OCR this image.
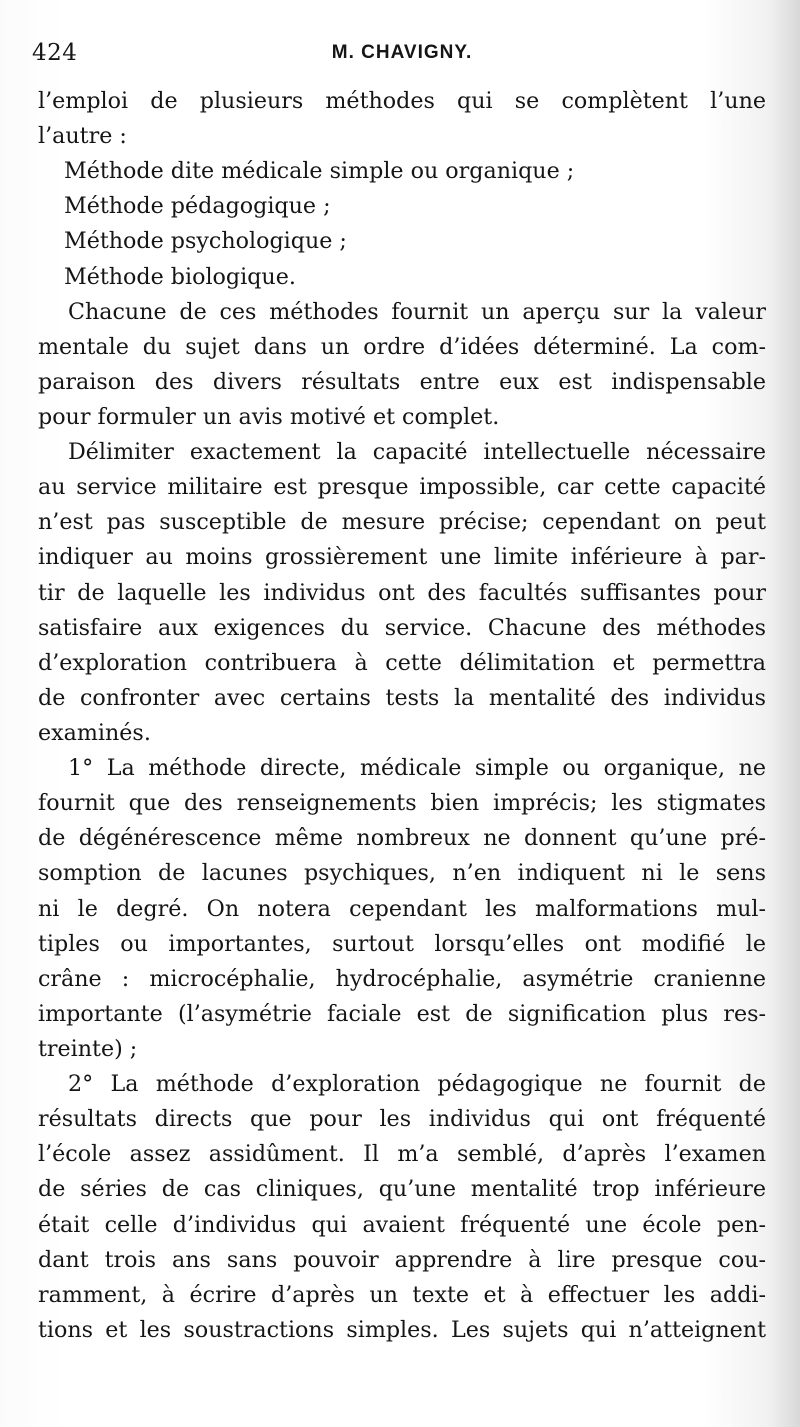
424	M. CHAVIGNY.
l’emploi de plusieurs méthodes qui se complètent l’une
l’autre :
Méthode dite médicale simple ou organique ;
Méthode pédagogique ;
Méthode psychologique ;
Méthode biologique.
Chacune de ces méthodes fournit un aperçu sur la valeur
mentale du sujet dans un ordre d’idées déterminé. La com-
paraison des divers résultats entre eux est indispensable
pour formuler un avis motivé et complet.
Délimiter exactement la capacité intellectuelle nécessaire
au service militaire est presque impossible, car cette capacité
n’est pas susceptible de mesure précise; cependant on peut
indiquer au moins grossièrement une limite inférieure à par-
tir de laquelle les individus ont des facultés suffisantes pour
satisfaire aux exigences du service. Chacune des méthodes
d’exploration contribuera à cette délimitation et permettra
de confronter avec certains tests la mentalité des individus
examinés.
1° La méthode directe, médicale simple ou organique, ne
fournit que des renseignements bien imprécis; les stigmates
de dégénérescence même nombreux ne donnent qu’une pré-
somption de lacunes psychiques, n’en indiquent ni le sens
ni le degré. On notera cependant les malformations mul-
tiples ou importantes, surtout lorsqu’elles ont modifié le
crâne : microcéphalie, hydrocéphalie, asymétrie cranienne
importante (l’asymétrie faciale est de signification plus res-
treinte) ;
2° La méthode d’exploration pédagogique ne fournit de
résultats directs que pour les individus qui ont fréquenté
l’école assez assidûment. Il m’a semblé, d’après l’examen
de séries de cas cliniques, qu’une mentalité trop inférieure
était celle d’individus qui avaient fréquenté une école pen-
dant trois ans sans pouvoir apprendre à lire presque cou-
ramment, à écrire d’après un texte et à effectuer les addi-
tions et les soustractions simples. Les sujets qui n’atteignent
